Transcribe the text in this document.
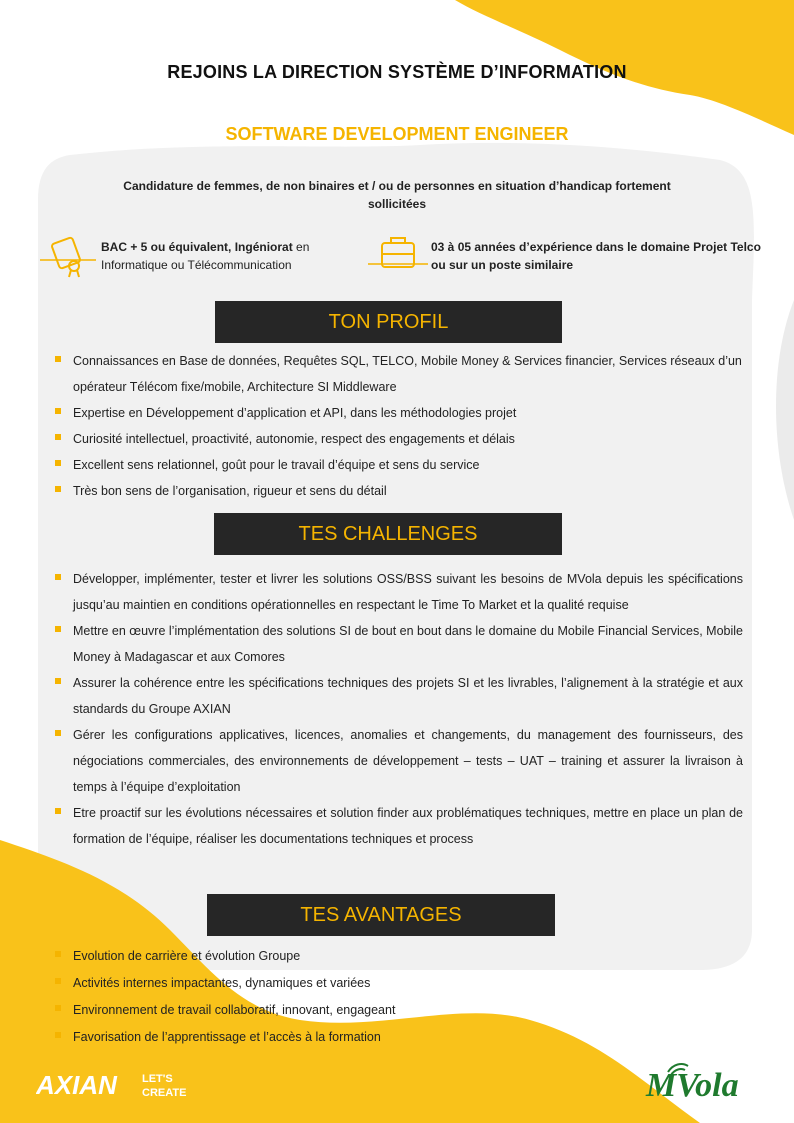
REJOINS LA DIRECTION SYSTÈME D’INFORMATION
SOFTWARE DEVELOPMENT ENGINEER
Candidature de femmes, de non binaires et / ou de personnes en situation d’handicap fortement sollicitées
BAC + 5 ou équivalent, Ingéniorat en Informatique ou Télécommunication
03 à 05 années d’expérience dans le domaine Projet Telco ou sur un poste similaire
TON PROFIL
Connaissances en Base de données, Requêtes SQL, TELCO, Mobile Money & Services financier, Services réseaux d’un opérateur Télécom fixe/mobile, Architecture SI Middleware
Expertise en Développement d’application et API, dans les méthodologies projet
Curiosité intellectuel, proactivité, autonomie, respect des engagements et délais
Excellent sens relationnel, goût pour le travail d’équipe et sens du service
Très bon sens de l’organisation, rigueur et sens du détail
TES CHALLENGES
Développer, implémenter, tester et livrer les solutions OSS/BSS suivant les besoins de MVola depuis les spécifications jusqu’au maintien en conditions opérationnelles en respectant le Time To Market et la qualité requise
Mettre en œuvre l’implémentation des solutions SI de bout en bout dans le domaine du Mobile Financial Services, Mobile Money à Madagascar et aux Comores
Assurer la cohérence entre les spécifications techniques des projets SI et les livrables, l’alignement à la stratégie et aux standards du Groupe AXIAN
Gérer les configurations applicatives, licences, anomalies et changements, du management des fournisseurs, des négociations commerciales, des environnements de développement – tests – UAT – training et assurer la livraison à temps à l’équipe d’exploitation
Etre proactif sur les évolutions nécessaires et solution finder aux problématiques techniques, mettre en place un plan de formation de l’équipe, réaliser les documentations techniques et process
TES AVANTAGES
Evolution de carrière et évolution Groupe
Activités internes impactantes, dynamiques et variées
Environnement de travail collaboratif, innovant, engageant
Favorisation de l’apprentissage et l’accès à la formation
AXIAN LET'S
CREATE	MVola
